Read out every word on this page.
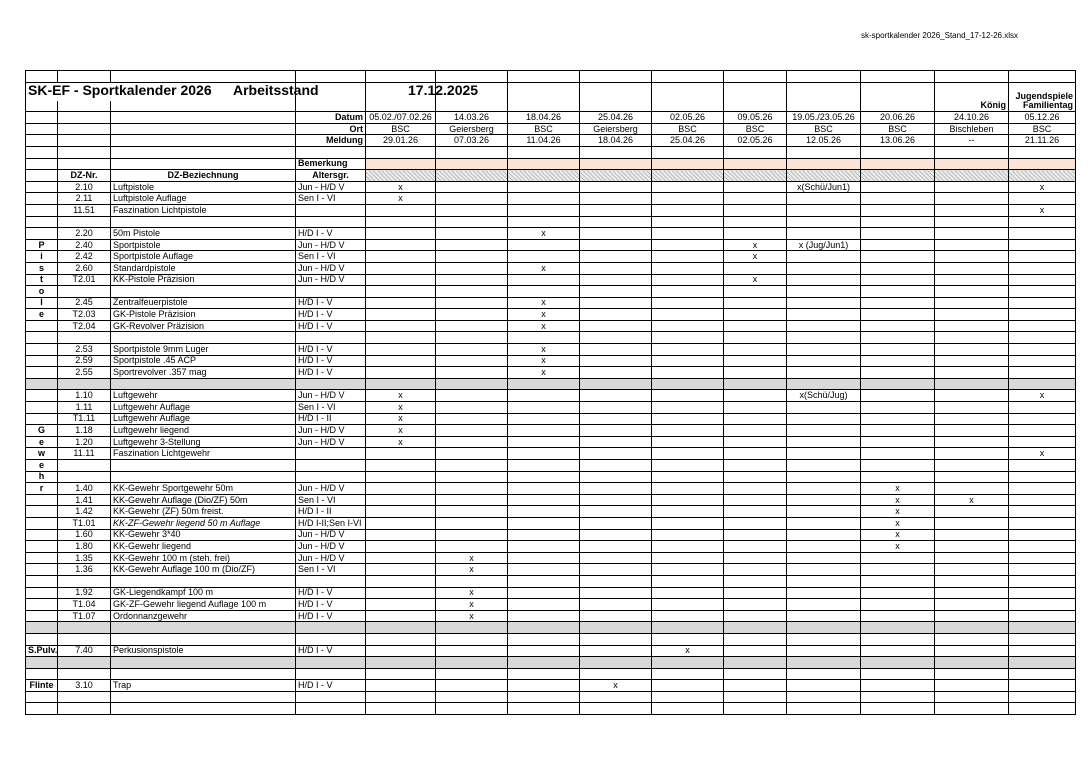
sk-sportkalender 2026_Stand_17-12-26.xlsx

SK-EF - Sportkalender 2026			Arbeitsstand	17.12.2025									Jugendspiele
												König	Familientag
			Datum	05.02./07.02.26	14.03.26	18.04.26	25.04.26	02.05.26	09.05.26	19.05./23.05.26	20.06.26	24.10.26	05.12.26
			Ort	BSC	Geiersberg	BSC	Geiersberg	BSC	BSC	BSC	BSC	Bischleben	BSC
			Meldung	29.01.26	07.03.26	11.04.26	18.04.26	25.04.26	02.05.26	12.05.26	13.06.26	--	21.11.26

			Bemerkung										
	DZ-Nr.	DZ-Beziechnung	Altersgr.										
	2.10	Luftpistole	Jun - H/D V	x						x(Schü/Jun1)			x
	2.11	Luftpistole Auflage	Sen I - VI	x									
	11.51	Faszination Lichtpistole											x

	2.20	50m Pistole	H/D I - V			x							
P	2.40	Sportpistole	Jun - H/D V						x	x (Jug/Jun1)			
i	2.42	Sportpistole Auflage	Sen I - VI						x				
s	2.60	Standardpistole	Jun - H/D V			x							
t	T2.01	KK-Pistole Präzision	Jun - H/D V						x				
o													
l	2.45	Zentralfeuerpistole	H/D I - V			x							
e	T2.03	GK-Pistole Präzision	H/D I - V			x							
	T2.04	GK-Revolver Präzision	H/D I - V			x							

	2.53	Sportpistole 9mm Luger	H/D I - V			x							
	2.59	Sportpistole .45 ACP	H/D I - V			x							
	2.55	Sportrevolver .357 mag	H/D I - V			x							

	1.10	Luftgewehr	Jun - H/D V	x						x(Schü/Jug)			x
	1.11	Luftgewehr Auflage	Sen I - VI	x									
	T1.11	Luftgewehr Auflage	H/D I - II	x									
G	1.18	Luftgewehr liegend	Jun - H/D V	x									
e	1.20	Luftgewehr 3-Stellung	Jun - H/D V	x									
w	11.11	Faszination Lichtgewehr											x
e													
h													
r	1.40	KK-Gewehr Sportgewehr 50m	Jun - H/D V								x		
	1.41	KK-Gewehr Auflage (Dio/ZF) 50m	Sen I - VI								x	x	
	1.42	KK-Gewehr (ZF) 50m freist.	H/D I - II								x		
	T1.01	KK-ZF-Gewehr liegend 50 m Auflage	H/D I-II;Sen I-VI								x		
	1.60	KK-Gewehr 3*40	Jun - H/D V								x		
	1.80	KK-Gewehr liegend	Jun - H/D V								x		
	1.35	KK-Gewehr 100 m (steh. frei)	Jun - H/D V		x								
	1.36	KK-Gewehr Auflage 100 m (Dio/ZF)	Sen I - VI		x								

	1.92	GK-Liegendkampf 100 m	H/D I - V		x								
	T1.04	GK-ZF-Gewehr liegend Auflage 100 m	H/D I - V		x								
	T1.07	Ordonnanzgewehr	H/D I - V		x								

S.Pulv.	7.40	Perkusionspistole	H/D I - V					x					

Flinte	3.10	Trap	H/D I - V				x						
